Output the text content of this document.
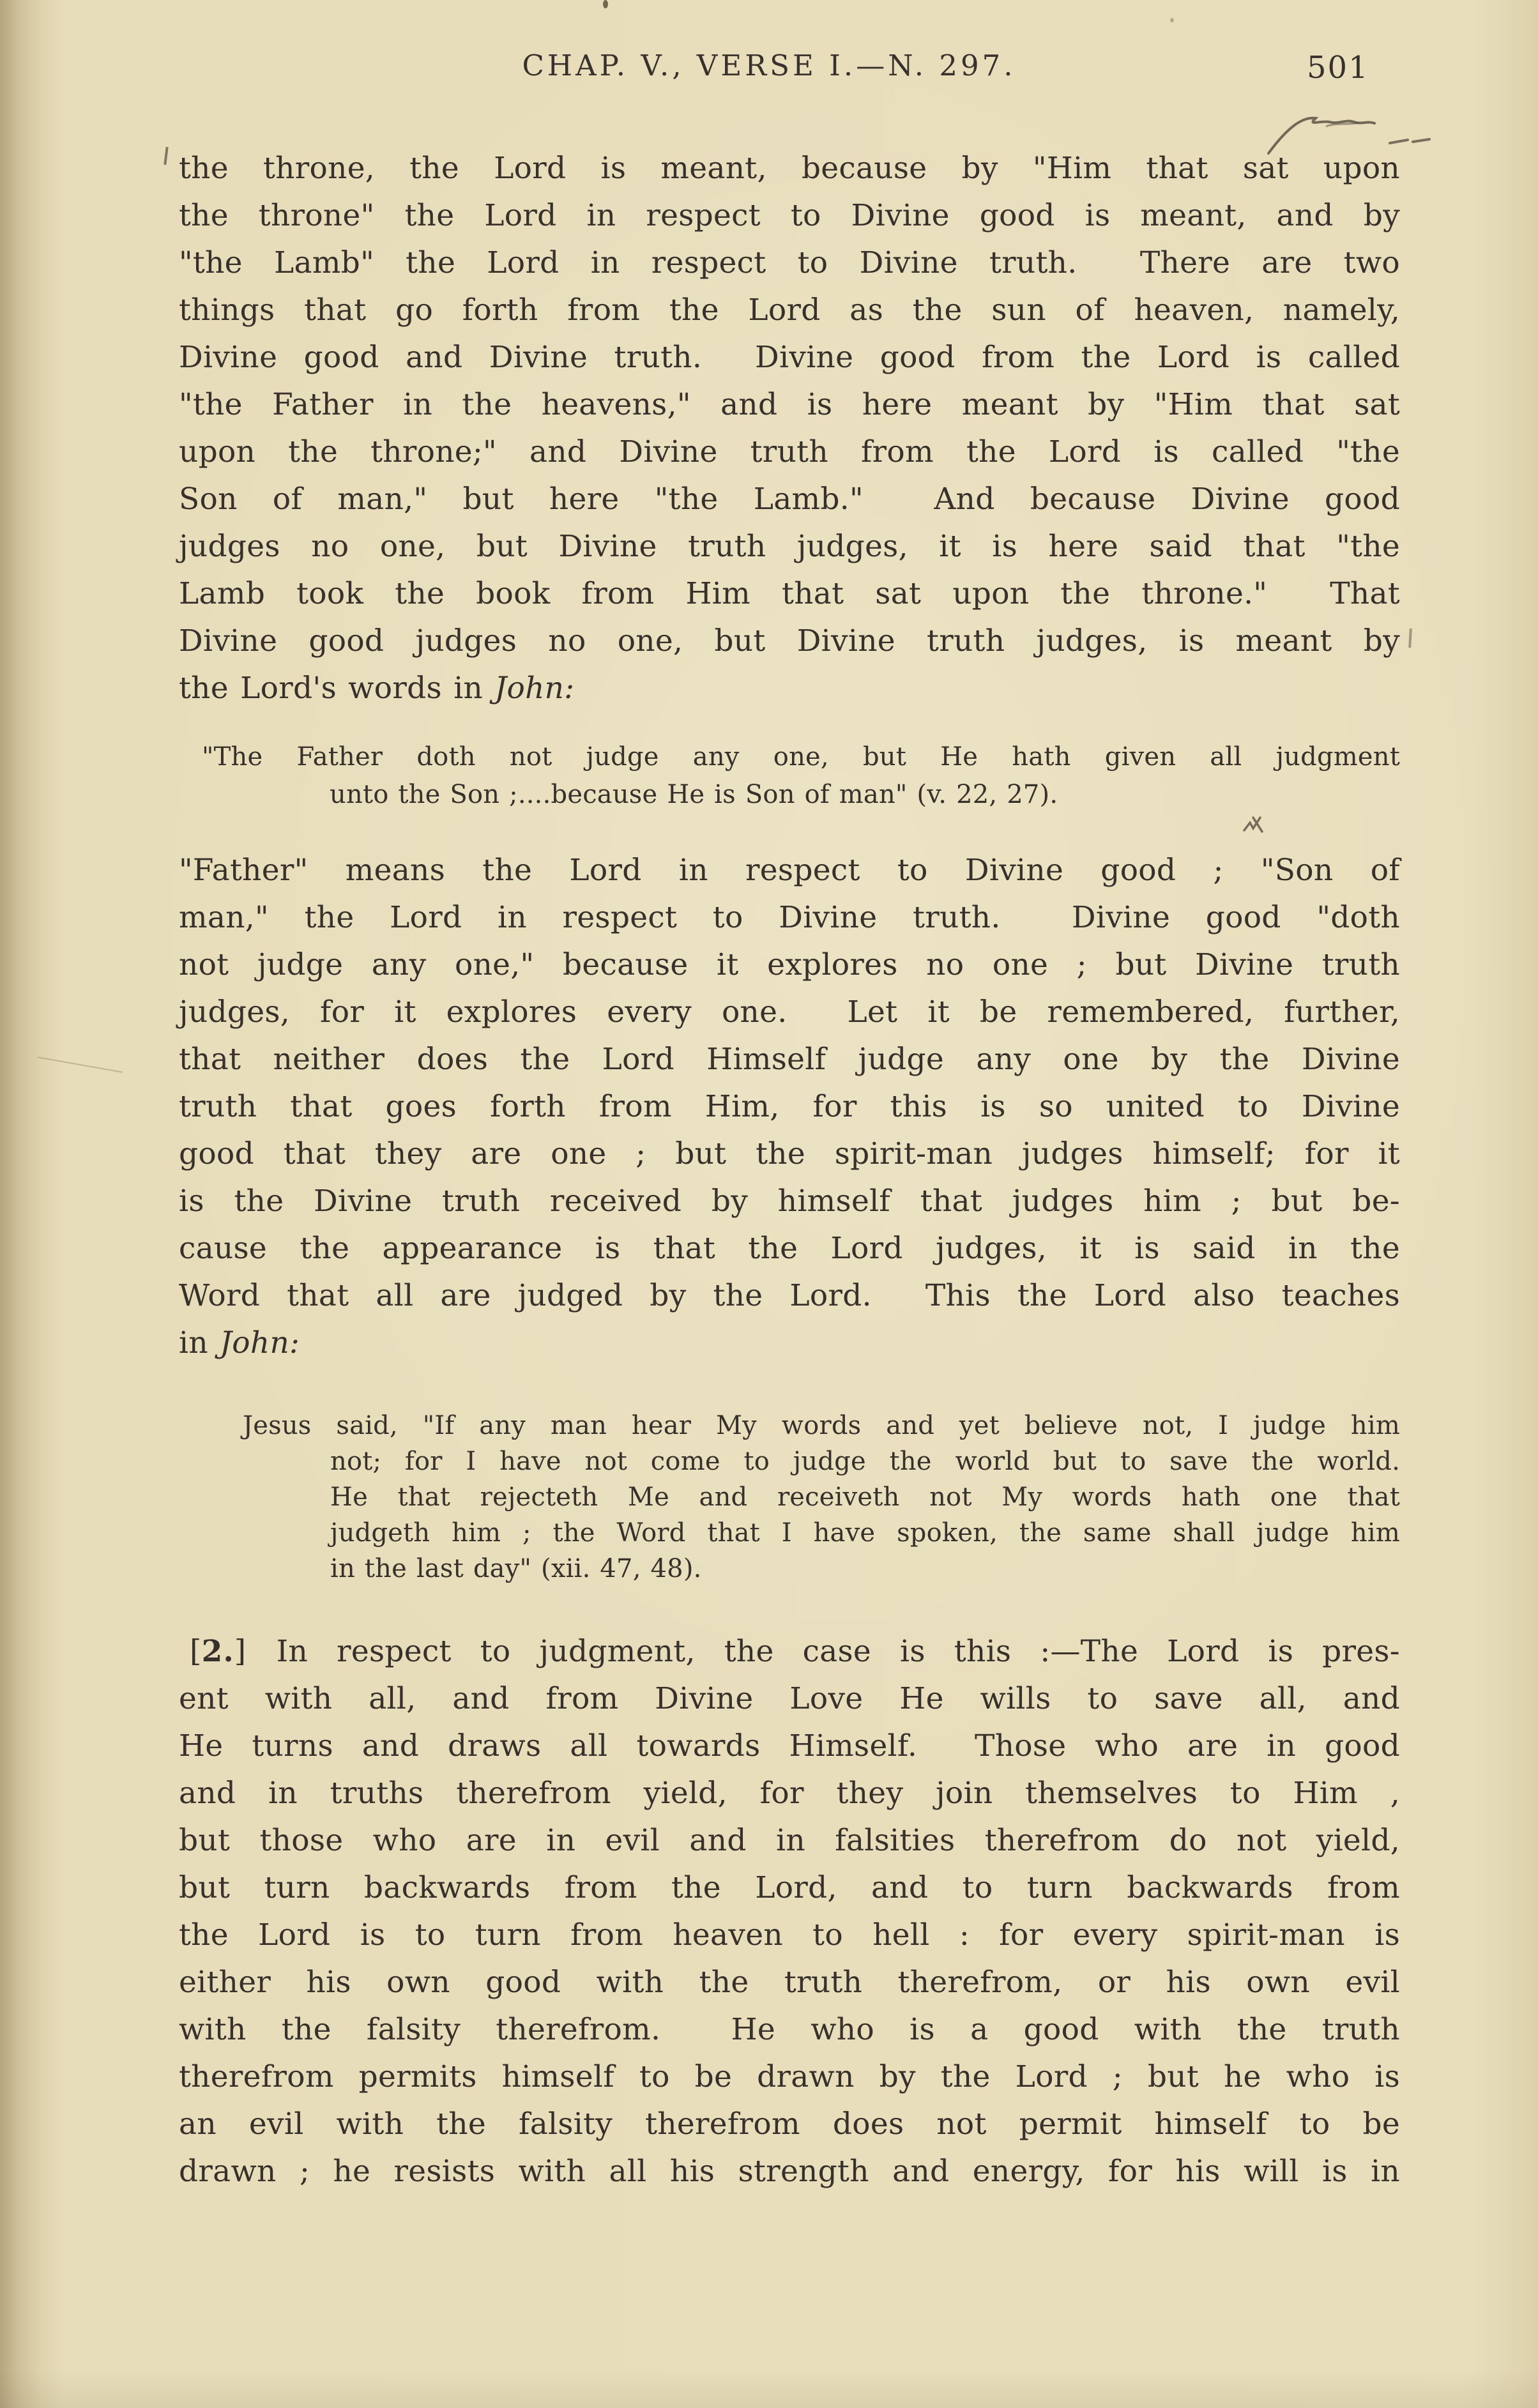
CHAP. V., VERSE I.—N. 297.	501
the throne, the Lord is meant, because by "Him that sat upon
the throne" the Lord in respect to Divine good is meant, and by
"the Lamb" the Lord in respect to Divine truth.  There are two
things that go forth from the Lord as the sun of heaven, namely,
Divine good and Divine truth.  Divine good from the Lord is called
"the Father in the heavens," and is here meant by "Him that sat
upon the throne;" and Divine truth from the Lord is called "the
Son of man," but here "the Lamb."  And because Divine good
judges no one, but Divine truth judges, it is here said that "the
Lamb took the book from Him that sat upon the throne."  That
Divine good judges no one, but Divine truth judges, is meant by
the Lord's words in John:
"The Father doth not judge any one, but He hath given all judgment
unto the Son ;....because He is Son of man" (v. 22, 27).
"Father" means the Lord in respect to Divine good ; "Son of
man," the Lord in respect to Divine truth.  Divine good "doth
not judge any one," because it explores no one ; but Divine truth
judges, for it explores every one.  Let it be remembered, further,
that neither does the Lord Himself judge any one by the Divine
truth that goes forth from Him, for this is so united to Divine
good that they are one ; but the spirit-man judges himself; for it
is the Divine truth received by himself that judges him ; but be-
cause the appearance is that the Lord judges, it is said in the
Word that all are judged by the Lord.  This the Lord also teaches
in John:
Jesus said, "If any man hear My words and yet believe not, I judge him
not; for I have not come to judge the world but to save the world.
He that rejecteth Me and receiveth not My words hath one that
judgeth him ; the Word that I have spoken, the same shall judge him
in the last day" (xii. 47, 48).
[2.] In respect to judgment, the case is this :—The Lord is pres-
ent with all, and from Divine Love He wills to save all, and
He turns and draws all towards Himself.  Those who are in good
and in truths therefrom yield, for they join themselves to Him ,
but those who are in evil and in falsities therefrom do not yield,
but turn backwards from the Lord, and to turn backwards from
the Lord is to turn from heaven to hell : for every spirit-man is
either his own good with the truth therefrom, or his own evil
with the falsity therefrom.  He who is a good with the truth
therefrom permits himself to be drawn by the Lord ; but he who is
an evil with the falsity therefrom does not permit himself to be
drawn ; he resists with all his strength and energy, for his will is in
